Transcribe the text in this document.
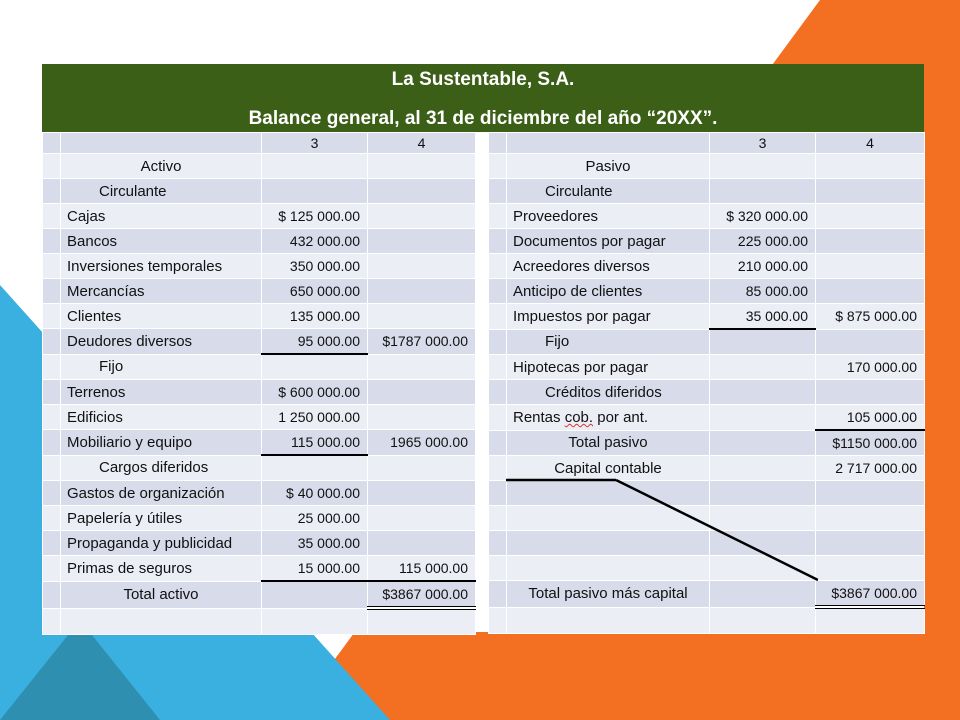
La Sustentable, S.A.
Balance general, al 31 de diciembre del año “20XX”.
		3	4
	Activo		
	Circulante		
	Cajas	$ 125 000.00	
	Bancos	432 000.00	
	Inversiones temporales	350 000.00	
	Mercancías	650 000.00	
	Clientes	135 000.00	
	Deudores diversos	95 000.00	$1787 000.00
	Fijo		
	Terrenos	$ 600 000.00	
	Edificios	1 250 000.00	
	Mobiliario y equipo	115 000.00	1965 000.00
	Cargos diferidos		
	Gastos de organización	$ 40 000.00	
	Papelería y útiles	25 000.00	
	Propaganda y publicidad	35 000.00	
	Primas de seguros	15 000.00	115 000.00
	Total activo		$3867 000.00

		3	4
	Pasivo		
	Circulante		
	Proveedores	$ 320 000.00	
	Documentos por pagar	225 000.00	
	Acreedores diversos	210 000.00	
	Anticipo de clientes	85 000.00	
	Impuestos por pagar	35 000.00	$ 875 000.00
	Fijo		
	Hipotecas por pagar		170 000.00
	Créditos diferidos		
	Rentas cob. por ant.		105 000.00
	Total pasivo		$1150 000.00
	Capital contable		2 717 000.00

	Total pasivo más capital		$3867 000.00
